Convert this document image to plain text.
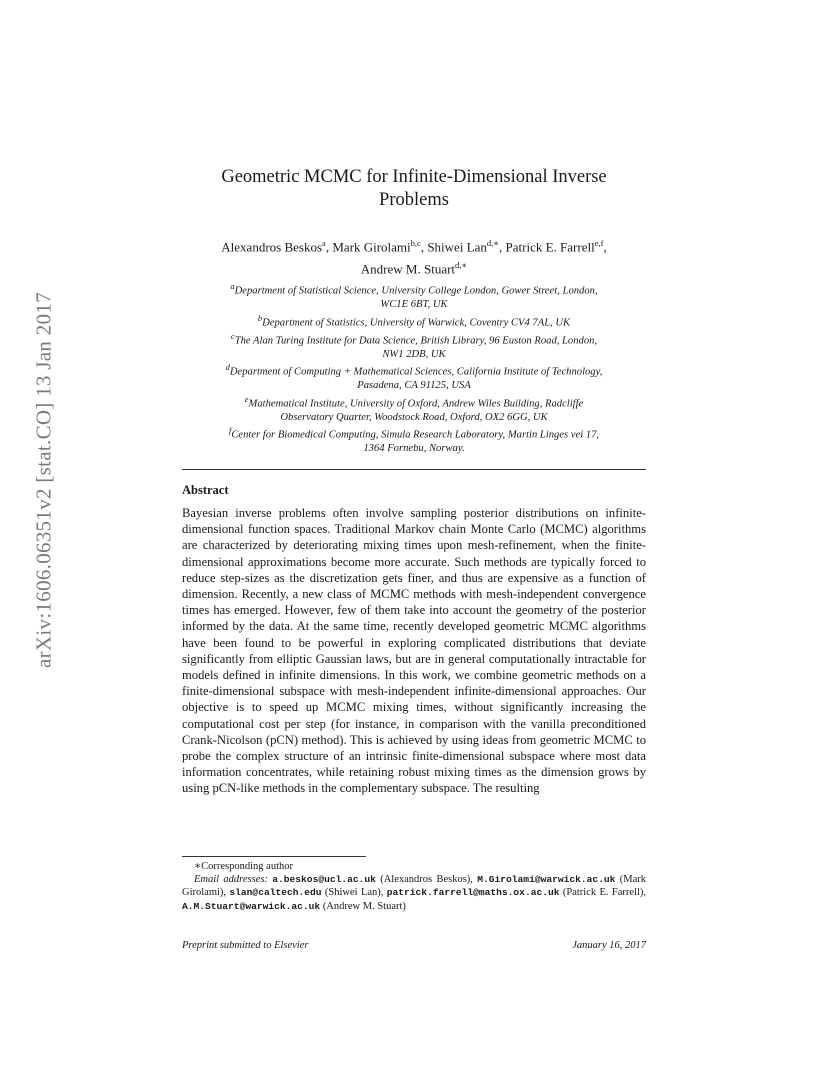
arXiv:1606.06351v2 [stat.CO] 13 Jan 2017
Geometric MCMC for Infinite-Dimensional Inverse
Problems
Alexandros Beskos$^a$, Mark Girolami$^{b,c}$, Shiwei Lan$^{d,∗}$, Patrick E. Farrell$^{e,f}$,
Andrew M. Stuart$^{d,∗}$

$^a$Department of Statistical Science, University College London, Gower Street, London,
WC1E 6BT, UK

$^b$Department of Statistics, University of Warwick, Coventry CV4 7AL, UK

$^c$The Alan Turing Institute for Data Science, British Library, 96 Euston Road, London,
NW1 2DB, UK

$^d$Department of Computing + Mathematical Sciences, California Institute of Technology,
Pasadena, CA 91125, USA

$^e$Mathematical Institute, University of Oxford, Andrew Wiles Building, Radcliffe
Observatory Quarter, Woodstock Road, Oxford, OX2 6GG, UK

$^f$Center for Biomedical Computing, Simula Research Laboratory, Martin Linges vei 17,
1364 Fornebu, Norway.

Abstract
Bayesian inverse problems often involve sampling posterior distributions on infinite-dimensional function spaces. Traditional Markov chain Monte Carlo (MCMC) algorithms are characterized by deteriorating mixing times upon mesh-refinement, when the finite-dimensional approximations become more accurate. Such methods are typically forced to reduce step-sizes as the discretization gets finer, and thus are expensive as a function of dimension. Recently, a new class of MCMC methods with mesh-independent convergence times has emerged. However, few of them take into account the geometry of the posterior informed by the data. At the same time, recently developed geometric MCMC algorithms have been found to be powerful in exploring complicated distributions that deviate significantly from elliptic Gaussian laws, but are in general computationally intractable for models defined in infinite dimensions. In this work, we combine geometric methods on a finite-dimensional subspace with mesh-independent infinite-dimensional approaches. Our objective is to speed up MCMC mixing times, without significantly increasing the computational cost per step (for instance, in comparison with the vanilla preconditioned Crank-Nicolson (pCN) method). This is achieved by using ideas from geometric MCMC to probe the complex structure of an intrinsic finite-dimensional subspace where most data information concentrates, while retaining robust mixing times as the dimension grows by using pCN-like methods in the complementary subspace. The resulting

∗Corresponding author

Email addresses: a.beskos@ucl.ac.uk (Alexandros Beskos), M.Girolami@warwick.ac.uk (Mark Girolami), slan@caltech.edu (Shiwei Lan), patrick.farrell@maths.ox.ac.uk (Patrick E. Farrell), A.M.Stuart@warwick.ac.uk (Andrew M. Stuart)

Preprint submitted to Elsevier	January 16, 2017
